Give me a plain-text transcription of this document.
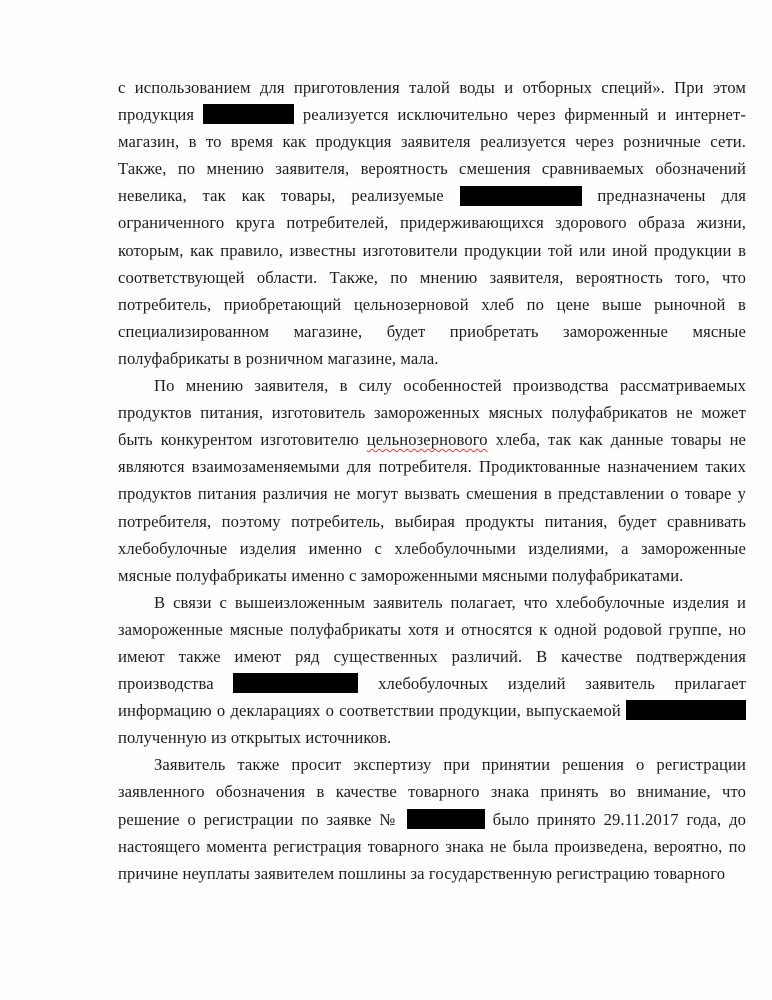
с использованием для приготовления талой воды и отборных специй». При этом продукция	реализуется исключительно через фирменный и интернет-магазин, в то время как продукция заявителя реализуется через розничные сети. Также, по мнению заявителя, вероятность смешения сравниваемых обозначений невелика, так как товары, реализуемые	предназначены для ограниченного круга потребителей, придерживающихся здорового образа жизни, которым, как правило, известны изготовители продукции той или иной продукции в соответствующей области. Также, по мнению заявителя, вероятность того, что потребитель, приобретающий цельнозерновой хлеб по цене выше рыночной в специализированном магазине, будет приобретать замороженные мясные полуфабрикаты в розничном магазине, мала.

По мнению заявителя, в силу особенностей производства рассматриваемых продуктов питания, изготовитель замороженных мясных полуфабрикатов не может быть конкурентом изготовителю цельнозернового хлеба, так как данные товары не являются взаимозаменяемыми для потребителя. Продиктованные назначением таких продуктов питания различия не могут вызвать смешения в представлении о товаре у потребителя, поэтому потребитель, выбирая продукты питания, будет сравнивать хлебобулочные изделия именно с хлебобулочными изделиями, а замороженные мясные полуфабрикаты именно с замороженными мясными полуфабрикатами.

В связи с вышеизложенным заявитель полагает, что хлебобулочные изделия и замороженные мясные полуфабрикаты хотя и относятся к одной родовой группе, но имеют также имеют ряд существенных различий. В качестве подтверждения производства	хлебобулочных изделий заявитель прилагает информацию о декларациях о соответствии продукции, выпускаемой  полученную из открытых источников.

Заявитель также просит экспертизу при принятии решения о регистрации заявленного обозначения в качестве товарного знака принять во внимание, что решение о регистрации по заявке №	было принято 29.11.2017 года, до настоящего момента регистрация товарного знака не была произведена, вероятно, по причине неуплаты заявителем пошлины за государственную регистрацию товарного
